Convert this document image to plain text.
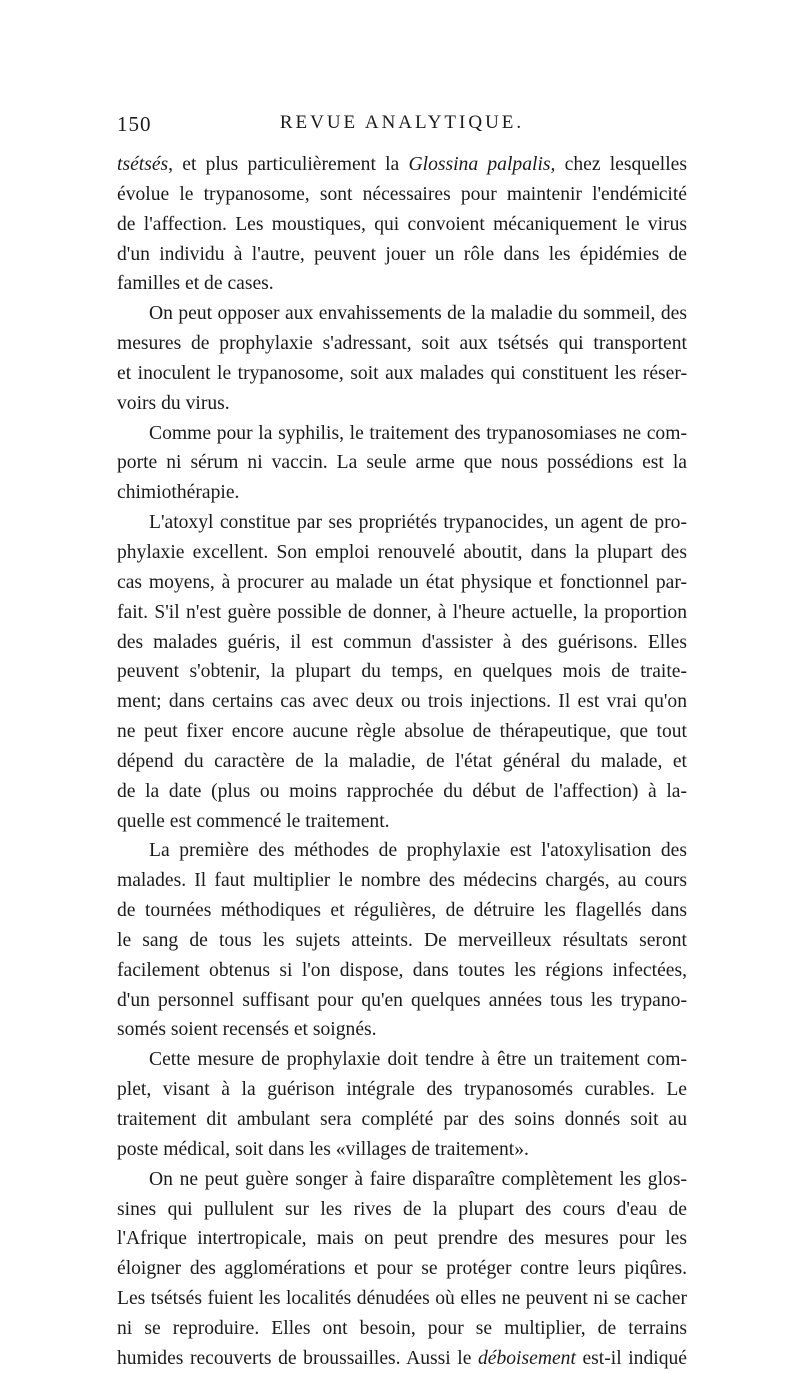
150	REVUE ANALYTIQUE.

tsétsés, et plus particulièrement la Glossina palpalis, chez lesquelles
évolue le trypanosome, sont nécessaires pour maintenir l'endémicité
de l'affection. Les moustiques, qui convoient mécaniquement le virus
d'un individu à l'autre, peuvent jouer un rôle dans les épidémies de
familles et de cases.

On peut opposer aux envahissements de la maladie du sommeil, des
mesures de prophylaxie s'adressant, soit aux tsétsés qui transportent
et inoculent le trypanosome, soit aux malades qui constituent les réser-
voirs du virus.

Comme pour la syphilis, le traitement des trypanosomiases ne com-
porte ni sérum ni vaccin. La seule arme que nous possédions est la
chimiothérapie.

L'atoxyl constitue par ses propriétés trypanocides, un agent de pro-
phylaxie excellent. Son emploi renouvelé aboutit, dans la plupart des
cas moyens, à procurer au malade un état physique et fonctionnel par-
fait. S'il n'est guère possible de donner, à l'heure actuelle, la proportion
des malades guéris, il est commun d'assister à des guérisons. Elles
peuvent s'obtenir, la plupart du temps, en quelques mois de traite-
ment; dans certains cas avec deux ou trois injections. Il est vrai qu'on
ne peut fixer encore aucune règle absolue de thérapeutique, que tout
dépend du caractère de la maladie, de l'état général du malade, et
de la date (plus ou moins rapprochée du début de l'affection) à la-
quelle est commencé le traitement.

La première des méthodes de prophylaxie est l'atoxylisation des
malades. Il faut multiplier le nombre des médecins chargés, au cours
de tournées méthodiques et régulières, de détruire les flagellés dans
le sang de tous les sujets atteints. De merveilleux résultats seront
facilement obtenus si l'on dispose, dans toutes les régions infectées,
d'un personnel suffisant pour qu'en quelques années tous les trypano-
somés soient recensés et soignés.

Cette mesure de prophylaxie doit tendre à être un traitement com-
plet, visant à la guérison intégrale des trypanosomés curables. Le
traitement dit ambulant sera complété par des soins donnés soit au
poste médical, soit dans les «villages de traitement».

On ne peut guère songer à faire disparaître complètement les glos-
sines qui pullulent sur les rives de la plupart des cours d'eau de
l'Afrique intertropicale, mais on peut prendre des mesures pour les
éloigner des agglomérations et pour se protéger contre leurs piqûres.
Les tsétsés fuient les localités dénudées où elles ne peuvent ni se cacher
ni se reproduire. Elles ont besoin, pour se multiplier, de terrains
humides recouverts de broussailles. Aussi le déboisement est-il indiqué
